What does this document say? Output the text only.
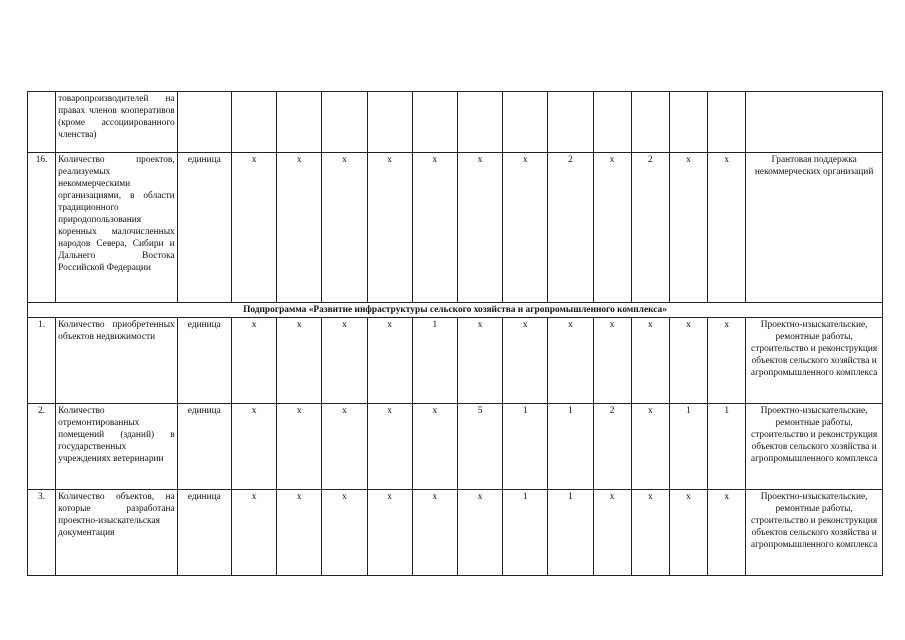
	товаропроизводителей на правах членов кооперативов (кроме ассоциированного членства)														
16.	Количество проектов, реализуемых некоммерческими организациями, в области традиционного природопользования коренных малочисленных народов Севера, Сибири и Дальнего Востока Российской Федерации	единица	x	x	x	x	x	x	x	2	x	2	x	x	Грантовая поддержка некоммерческих организаций
Подпрограмма «Развитие инфраструктуры сельского хозяйства и агропромышленного комплекса»															
1.	Количество приобретенных объектов недвижимости	единица	x	x	x	x	1	x	x	x	x	x	x	x	Проектно-изыскательские, ремонтные работы, строительство и реконструкция объектов сельского хозяйства и агропромышленного комплекса
2.	Количество отремонтированных помещений (зданий) в государственных учреждениях ветеринарии	единица	x	x	x	x	x	5	1	1	2	x	1	1	Проектно-изыскательские, ремонтные работы, строительство и реконструкция объектов сельского хозяйства и агропромышленного комплекса
3.	Количество объектов, на которые разработана проектно-изыскательская документация	единица	x	x	x	x	x	x	1	1	x	x	x	x	Проектно-изыскательские, ремонтные работы, строительство и реконструкция объектов сельского хозяйства и агропромышленного комплекса
